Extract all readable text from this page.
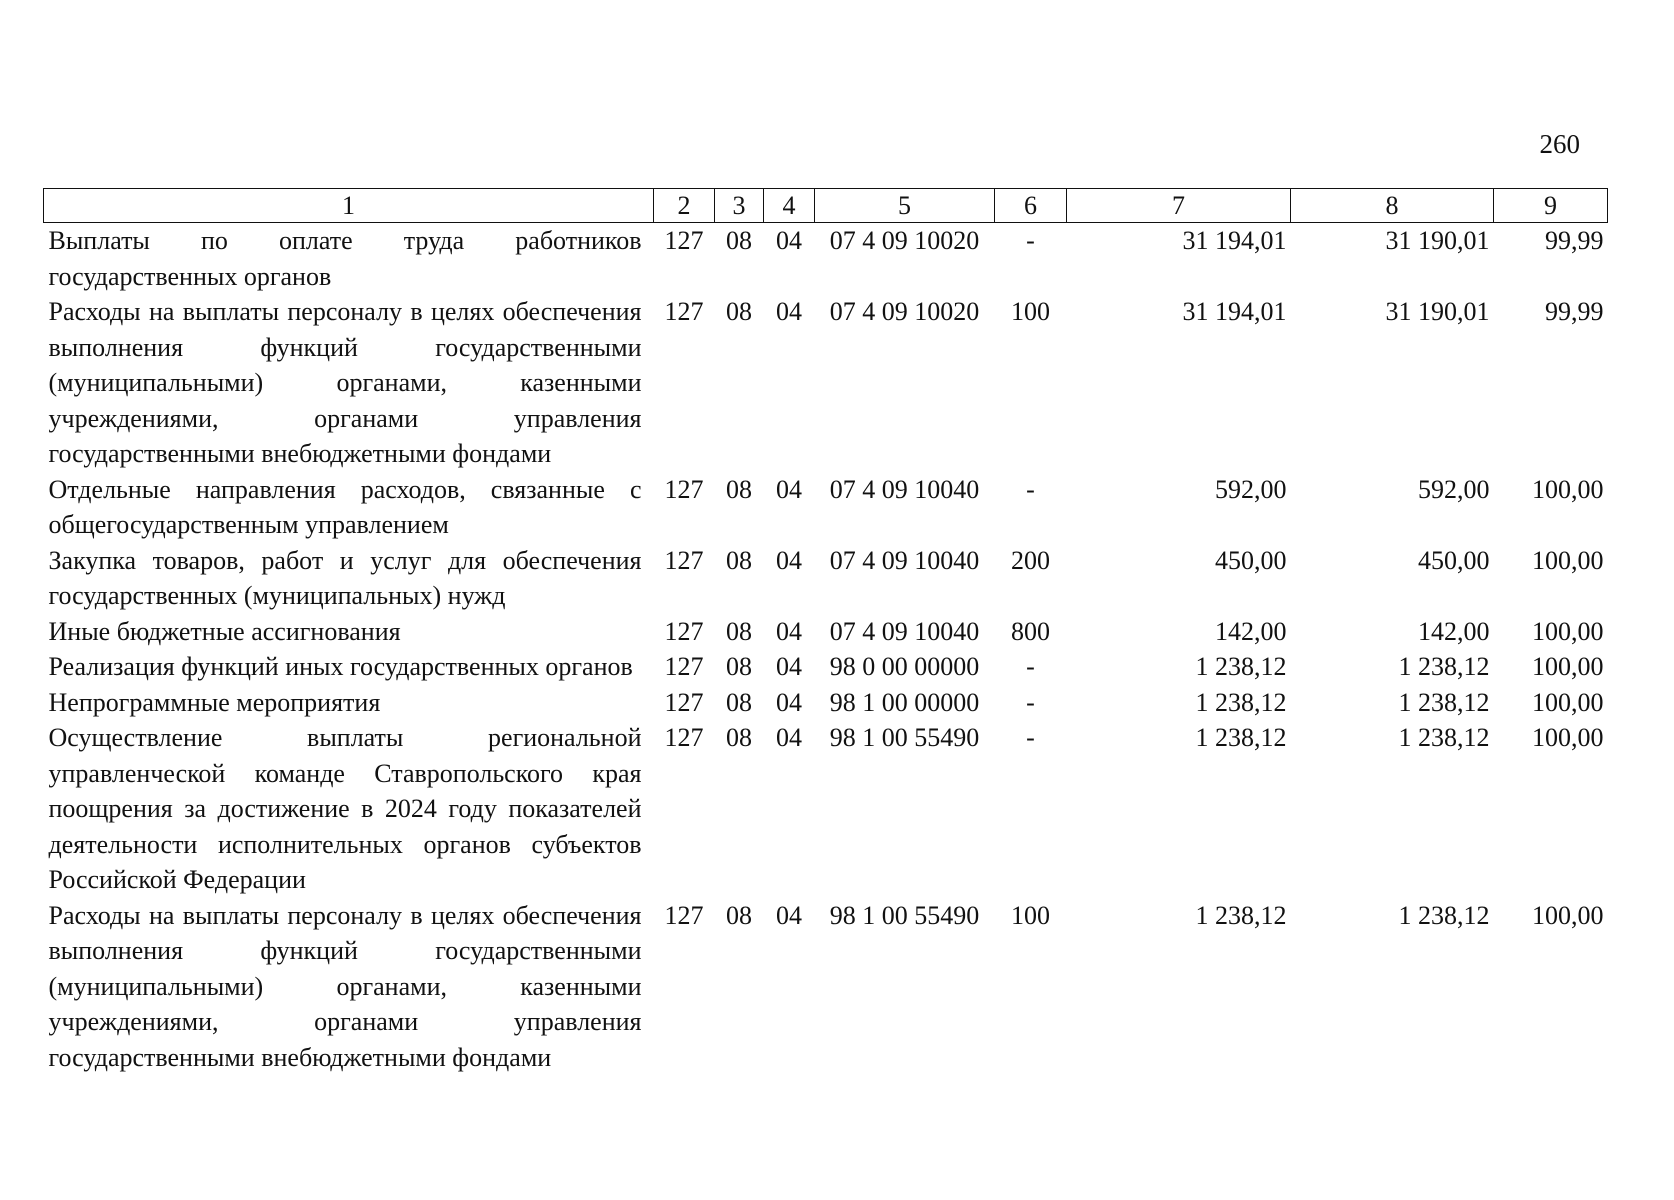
260
1	2	3	4	5	6	7	8	9
Выплаты по оплате труда работников государственных органов	127	08	04	07 4 09 10020	-	31 194,01	31 190,01	99,99
Расходы на выплаты персоналу в целях обеспечения выполнения функций государственными (муниципальными) органами, казенными учреждениями, органами управления государственными внебюджетными фондами	127	08	04	07 4 09 10020	100	31 194,01	31 190,01	99,99
Отдельные направления расходов, связанные с общегосударственным управлением	127	08	04	07 4 09 10040	-	592,00	592,00	100,00
Закупка товаров, работ и услуг для обеспечения государственных (муниципальных) нужд	127	08	04	07 4 09 10040	200	450,00	450,00	100,00
Иные бюджетные ассигнования	127	08	04	07 4 09 10040	800	142,00	142,00	100,00
Реализация функций иных государственных органов	127	08	04	98 0 00 00000	-	1 238,12	1 238,12	100,00
Непрограммные мероприятия	127	08	04	98 1 00 00000	-	1 238,12	1 238,12	100,00
Осуществление выплаты региональной управленческой команде Ставропольского края поощрения за достижение в 2024 году показателей деятельности исполнительных органов субъектов Российской Федерации	127	08	04	98 1 00 55490	-	1 238,12	1 238,12	100,00
Расходы на выплаты персоналу в целях обеспечения выполнения функций государственными (муниципальными) органами, казенными учреждениями, органами управления государственными внебюджетными фондами	127	08	04	98 1 00 55490	100	1 238,12	1 238,12	100,00
